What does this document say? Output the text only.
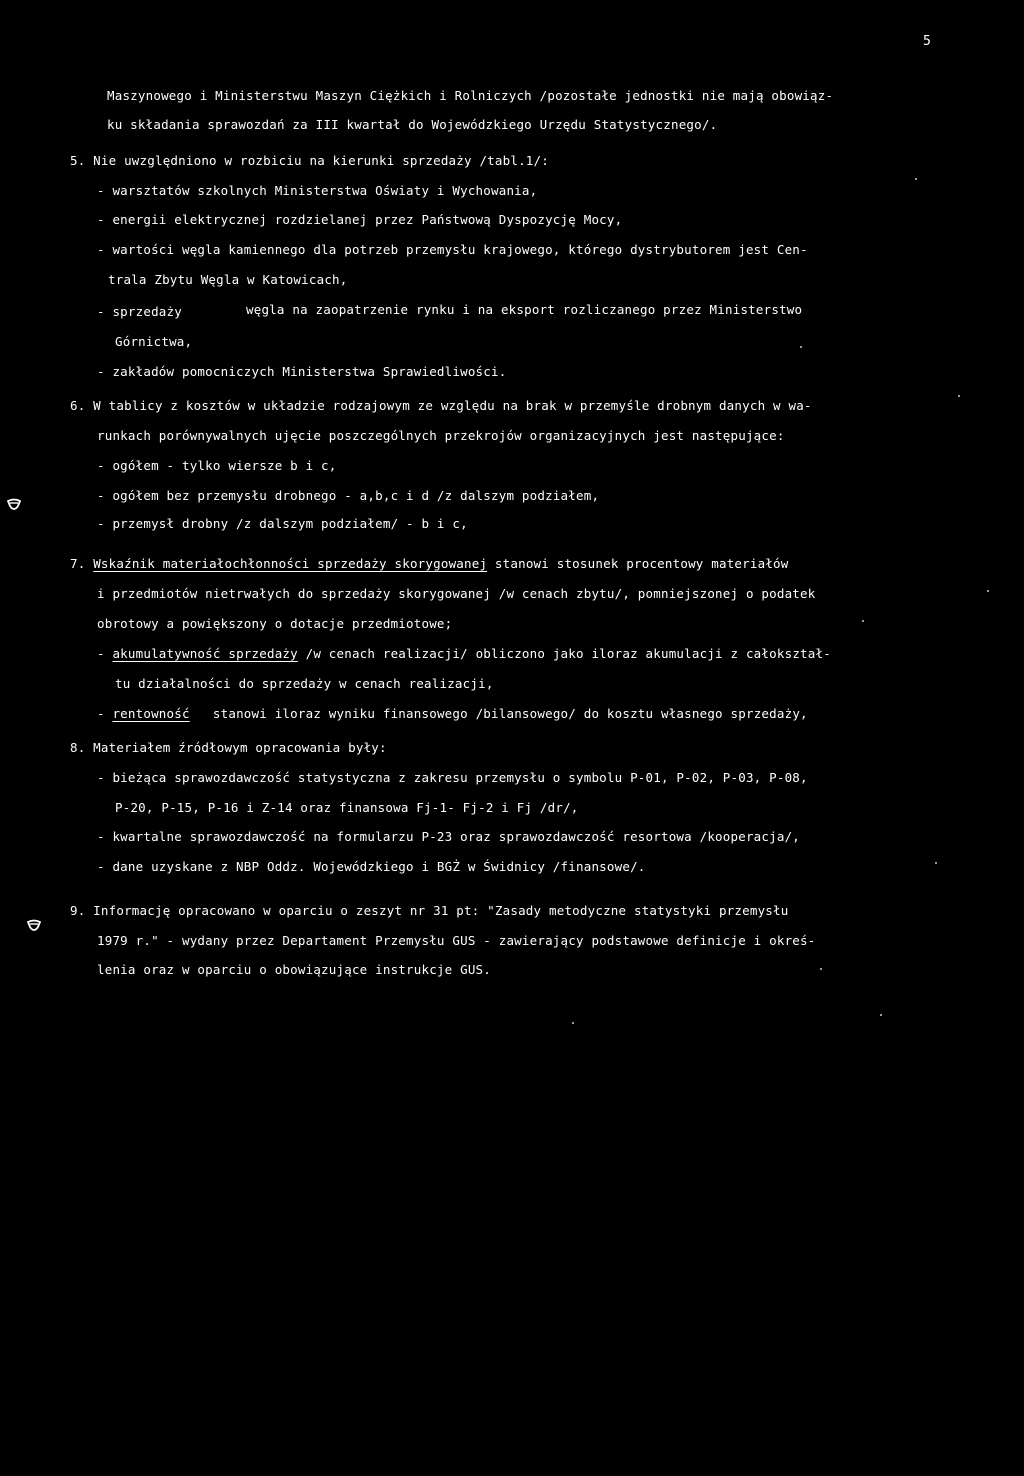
5
Maszynowego i Ministerstwu Maszyn Ciężkich i Rolniczych /pozostałe jednostki nie mają obowiąz-
ku składania sprawozdań za III kwartał do Wojewódzkiego Urzędu Statystycznego/.
5. Nie uwzględniono w rozbiciu na kierunki sprzedaży /tabl.1/:
- warsztatów szkolnych Ministerstwa Oświaty i Wychowania,
- energii elektrycznej rozdzielanej przez Państwową Dyspozycję Mocy,
- wartości węgla kamiennego dla potrzeb przemysłu krajowego, którego dystrybutorem jest Cen-
trala Zbytu Węgla w Katowicach,
- sprzedaży	węgla na zaopatrzenie rynku i na eksport rozliczanego przez Ministerstwo
Górnictwa,
- zakładów pomocniczych Ministerstwa Sprawiedliwości.
6. W tablicy z kosztów w układzie rodzajowym ze względu na brak w przemyśle drobnym danych w wa-
runkach porównywalnych ujęcie poszczególnych przekrojów organizacyjnych jest następujące:
- ogółem - tylko wiersze b i c,
- ogółem bez przemysłu drobnego - a,b,c i d /z dalszym podziałem,
- przemysł drobny /z dalszym podziałem/ - b i c,
7. Wskaźnik materiałochłonności sprzedaży skorygowanej stanowi stosunek procentowy materiałów
i przedmiotów nietrwałych do sprzedaży skorygowanej /w cenach zbytu/, pomniejszonej o podatek
obrotowy a powiększony o dotacje przedmiotowe;
- akumulatywność sprzedaży /w cenach realizacji/ obliczono jako iloraz akumulacji z całokształ-
tu działalności do sprzedaży w cenach realizacji,
- rentowność   stanowi iloraz wyniku finansowego /bilansowego/ do kosztu własnego sprzedaży,
8. Materiałem źródłowym opracowania były:
- bieżąca sprawozdawczość statystyczna z zakresu przemysłu o symbolu P-01, P-02, P-03, P-08,
P-20, P-15, P-16 i Z-14 oraz finansowa Fj-1- Fj-2 i Fj /dr/,
- kwartalne sprawozdawczość na formularzu P-23 oraz sprawozdawczość resortowa /kooperacja/,
- dane uzyskane z NBP Oddz. Wojewódzkiego i BGŻ w Świdnicy /finansowe/.
9. Informację opracowano w oparciu o zeszyt nr 31 pt: "Zasady metodyczne statystyki przemysłu
1979 r." - wydany przez Departament Przemysłu GUS - zawierający podstawowe definicje i okreś-
lenia oraz w oparciu o obowiązujące instrukcje GUS.
